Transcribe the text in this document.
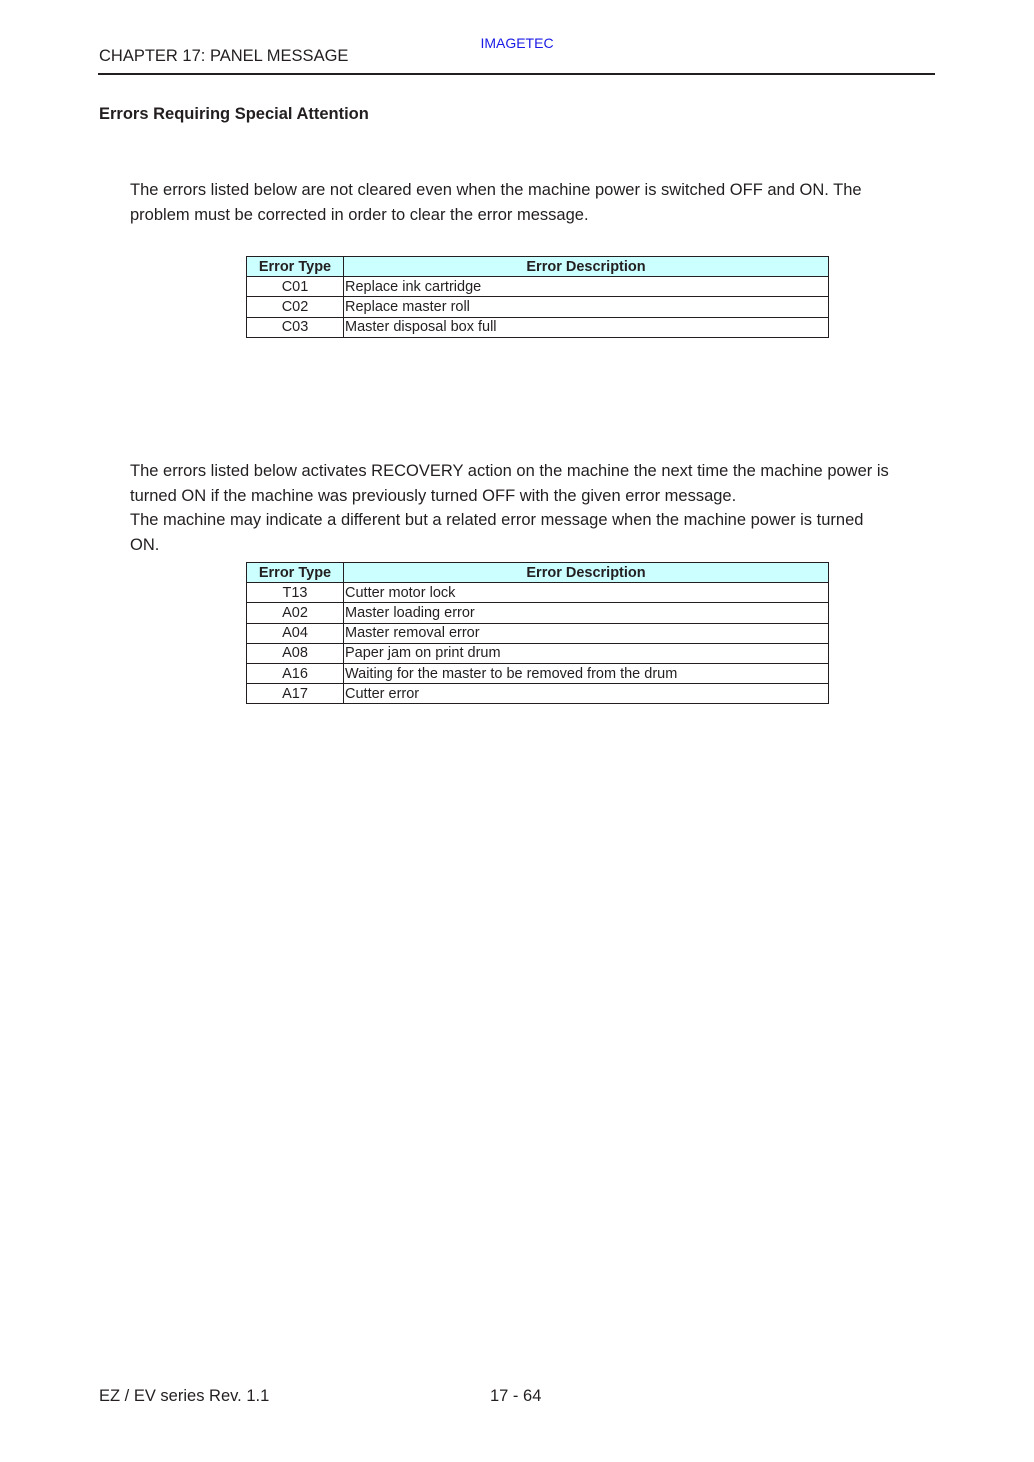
IMAGETEC
CHAPTER 17: PANEL MESSAGE
Errors Requiring Special Attention

The errors listed below are not cleared even when the machine power is switched OFF and ON. The
problem must be corrected in order to clear the error message.

Error Type	Error Description
C01	Replace ink cartridge
C02	Replace master roll
C03	Master disposal box full

The errors listed below activates RECOVERY action on the machine the next time the machine power is
turned ON if the machine was previously turned OFF with the given error message.
The machine may indicate a different but a related error message when the machine power is turned
ON.

Error Type	Error Description
T13	Cutter motor lock
A02	Master loading error
A04	Master removal error
A08	Paper jam on print drum
A16	Waiting for the master to be removed from the drum
A17	Cutter error
EZ / EV series Rev. 1.1	17 - 64
